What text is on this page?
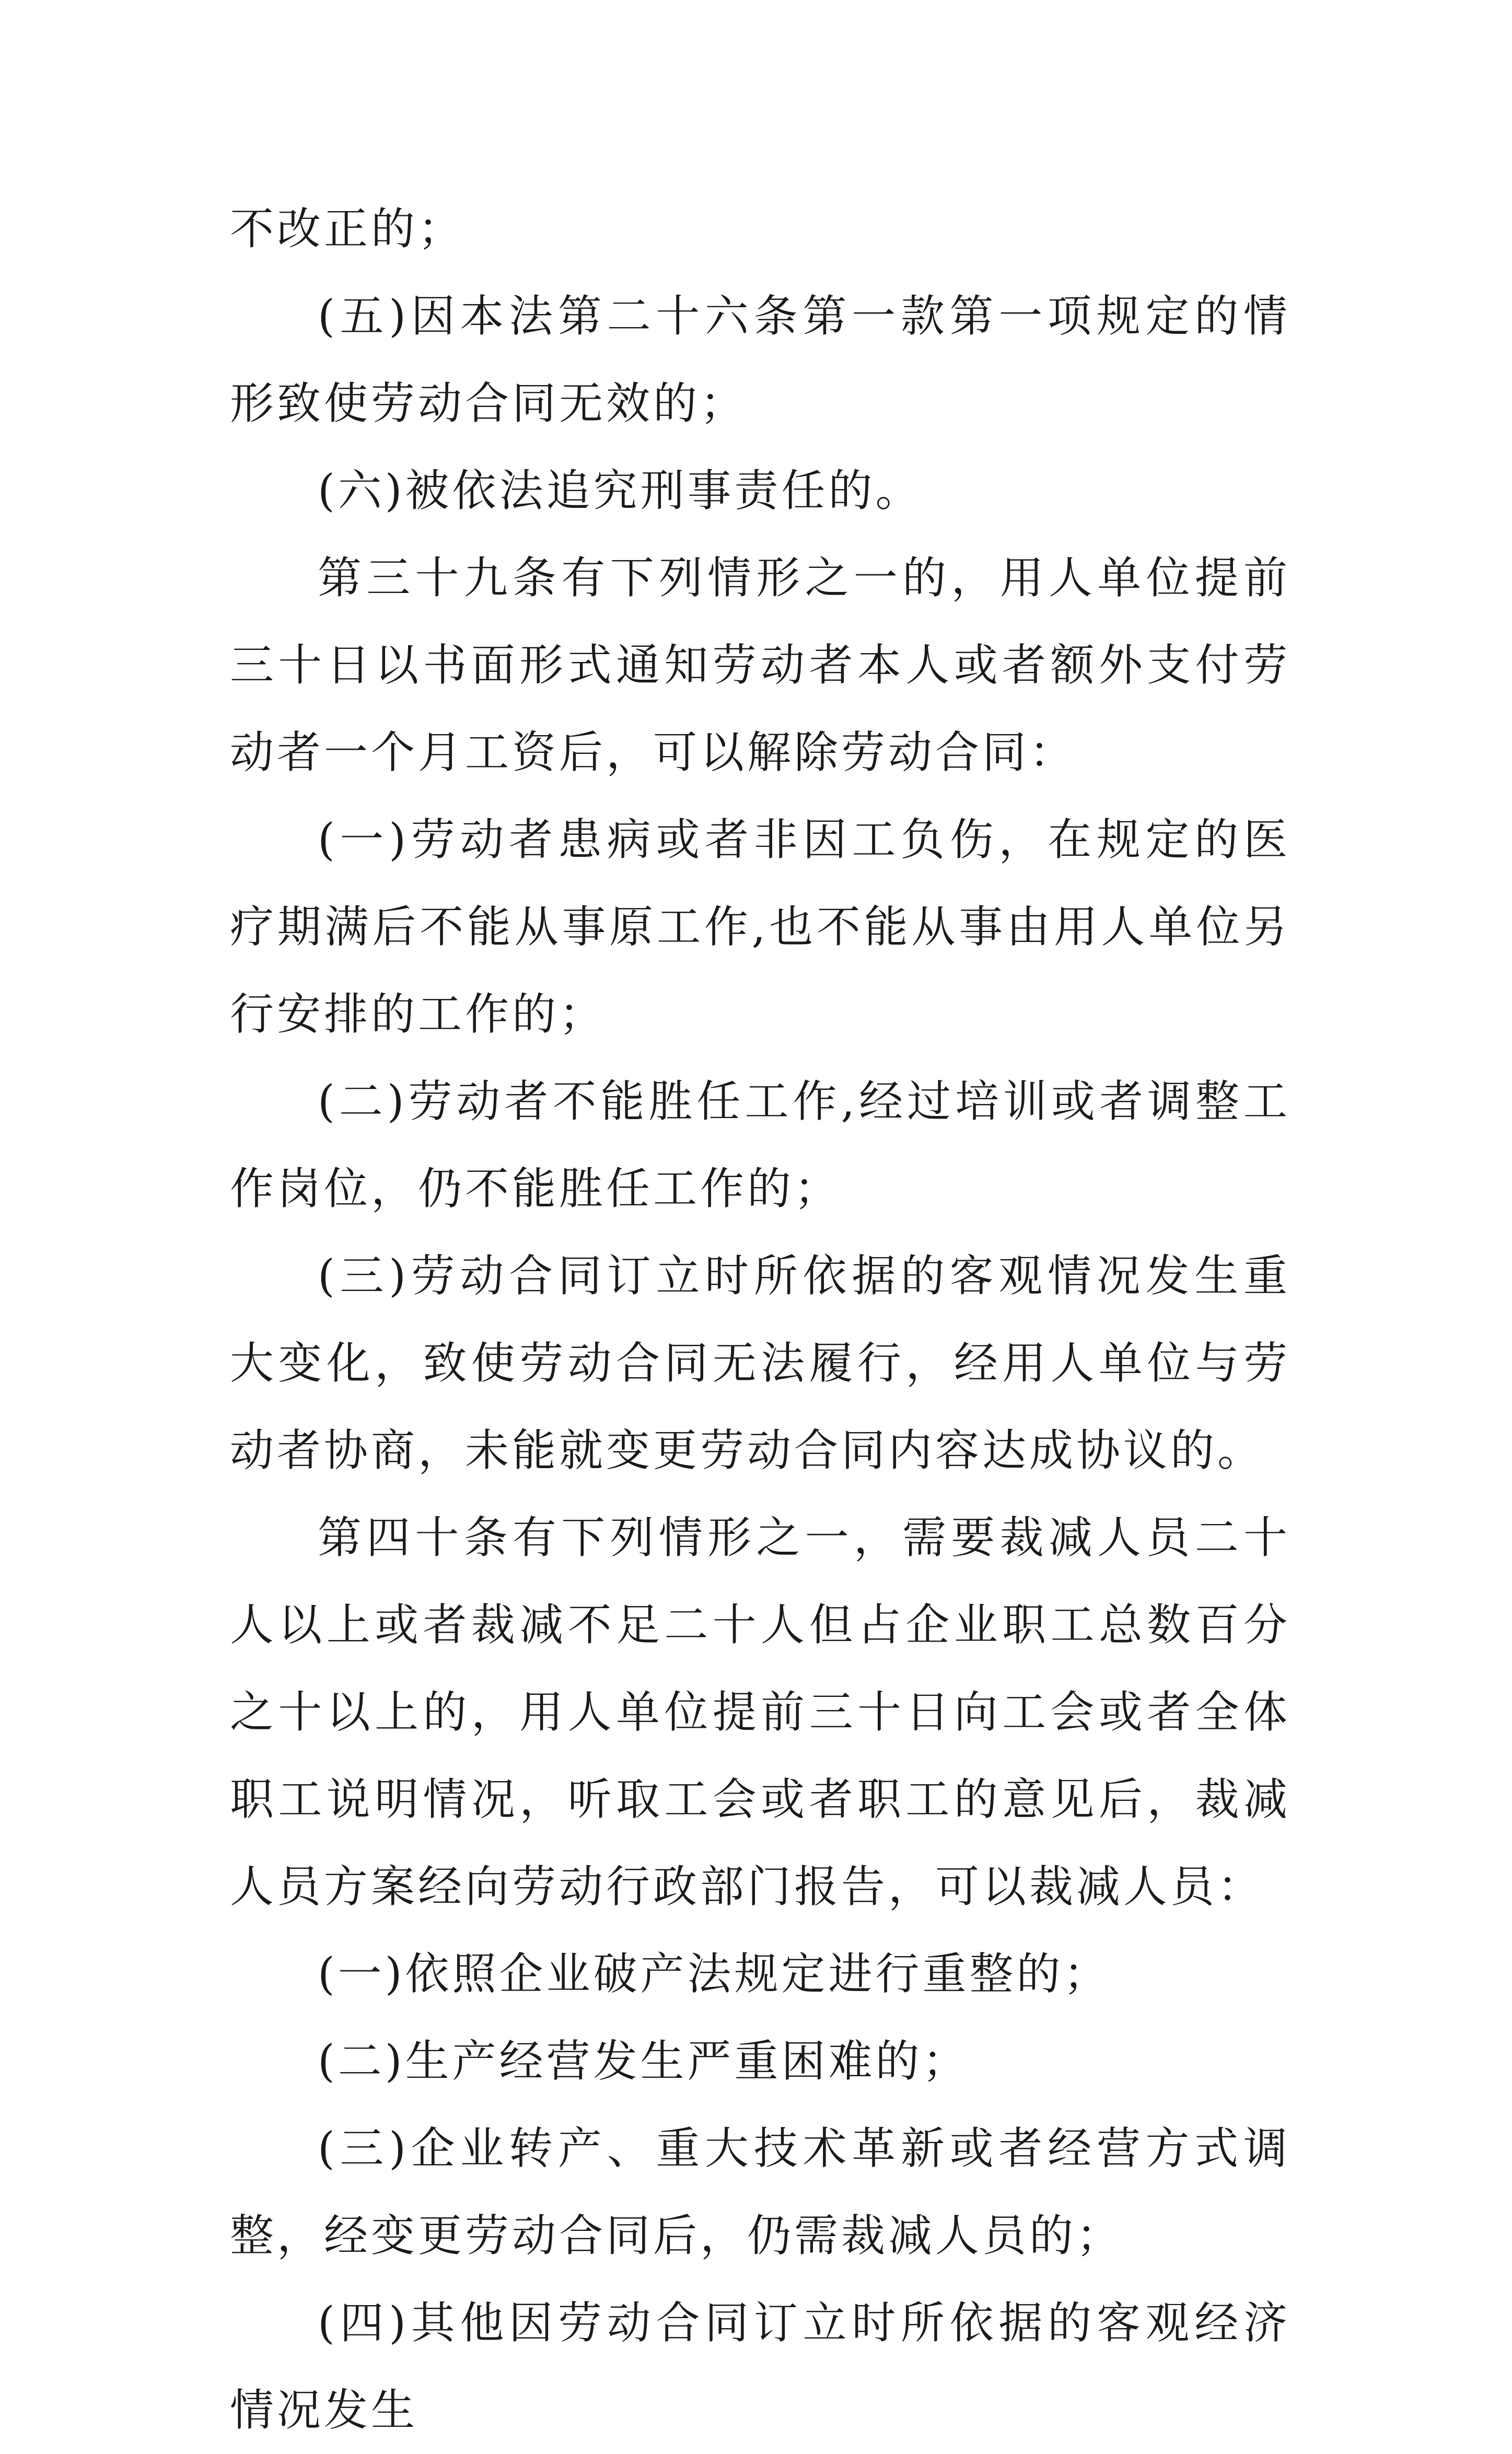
不改正的；

(五)因本法第二十六条第一款第一项规定的情形致使劳动合同无效的；

(六)被依法追究刑事责任的。

第三十九条有下列情形之一的，用人单位提前三十日以书面形式通知劳动者本人或者额外支付劳动者一个月工资后，可以解除劳动合同：

(一)劳动者患病或者非因工负伤，在规定的医疗期满后不能从事原工作,也不能从事由用人单位另行安排的工作的；

(二)劳动者不能胜任工作,经过培训或者调整工作岗位，仍不能胜任工作的；

(三)劳动合同订立时所依据的客观情况发生重大变化，致使劳动合同无法履行，经用人单位与劳动者协商，未能就变更劳动合同内容达成协议的。

第四十条有下列情形之一，需要裁减人员二十人以上或者裁减不足二十人但占企业职工总数百分之十以上的，用人单位提前三十日向工会或者全体职工说明情况，听取工会或者职工的意见后，裁减人员方案经向劳动行政部门报告，可以裁减人员：

(一)依照企业破产法规定进行重整的；

(二)生产经营发生严重困难的；

(三)企业转产、重大技术革新或者经营方式调整，经变更劳动合同后，仍需裁减人员的；

(四)其他因劳动合同订立时所依据的客观经济情况发生
